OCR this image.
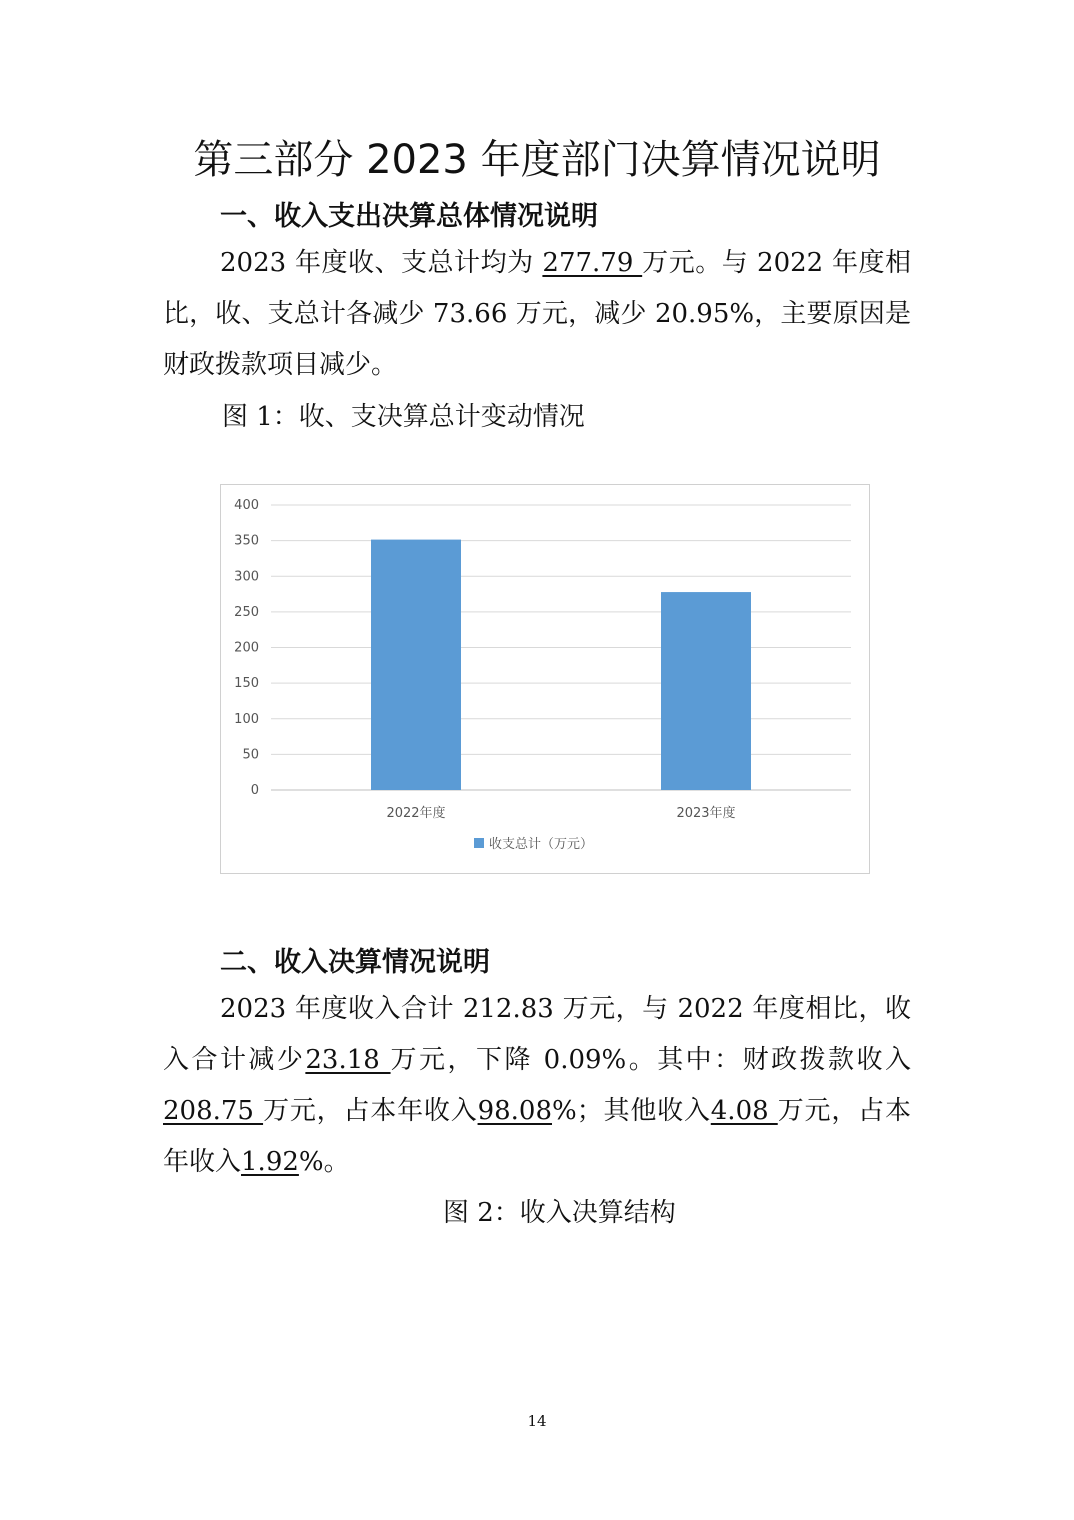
第三部分 2023 年度部门决算情况说明
一、收入支出决算总体情况说明
2023 年度收、支总计均为 277.79 万元。与 2022 年度相比，收、支总计各减少 73.66 万元，减少 20.95%，主要原因是财政拨款项目减少。
图 1：收、支决算总计变动情况
0
50
100
150
200
250
300
350
400
2022年度	2023年度
收支总计（万元）
二、收入决算情况说明
2023 年度收入合计 212.83 万元，与 2022 年度相比，收入合计减少23.18 万元，下降 0.09%。其中：财政拨款收入208.75 万元，占本年收入98.08%；其他收入4.08 万元，占本年收入1.92%。
图 2：收入决算结构
14
